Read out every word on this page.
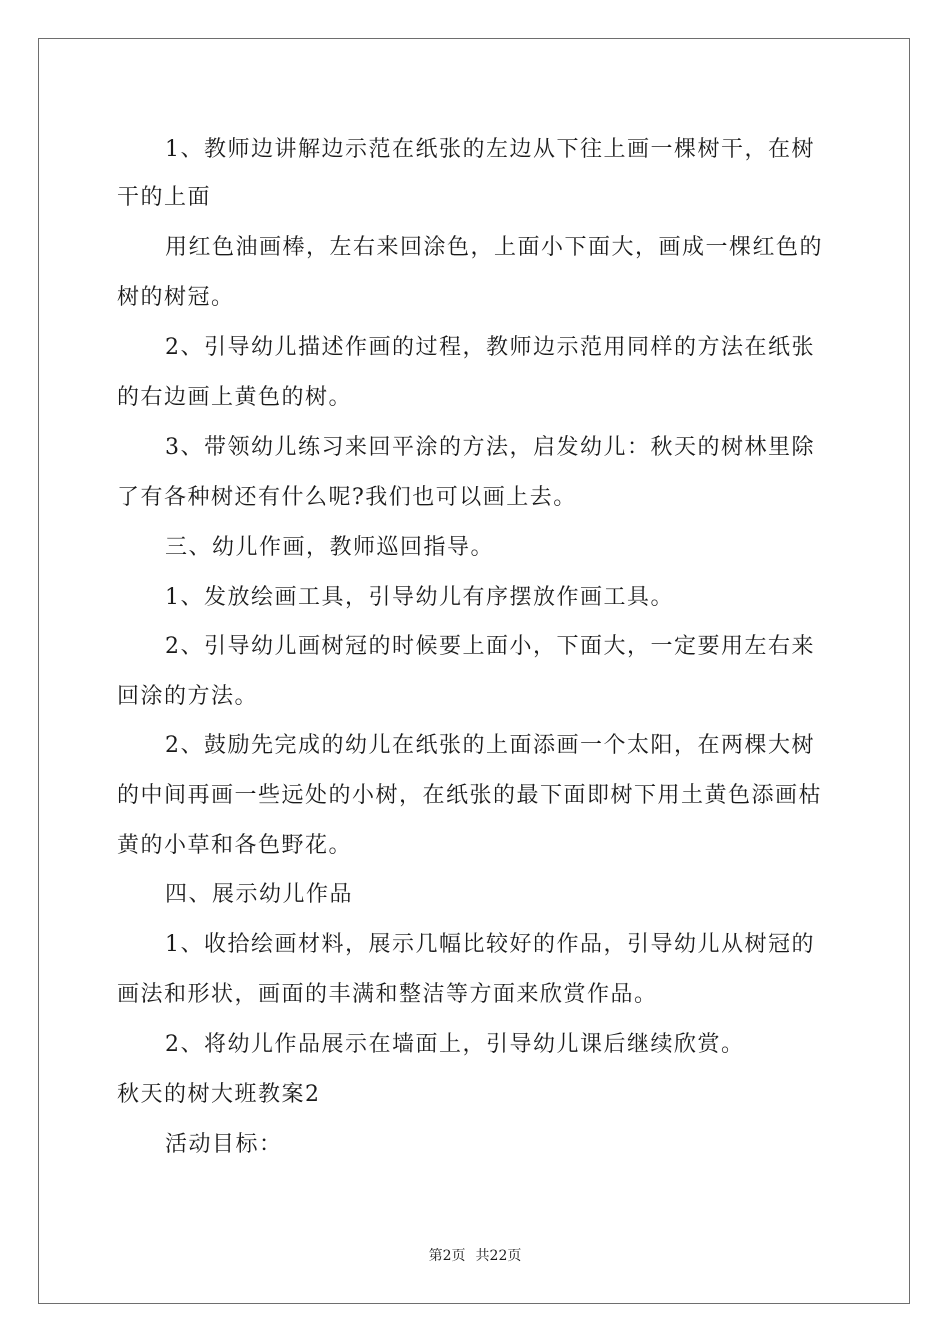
1、教师边讲解边示范在纸张的左边从下往上画一棵树干，在树
干的上面
用红色油画棒，左右来回涂色，上面小下面大，画成一棵红色的
树的树冠。
2、引导幼儿描述作画的过程，教师边示范用同样的方法在纸张
的右边画上黄色的树。
3、带领幼儿练习来回平涂的方法，启发幼儿：秋天的树林里除
了有各种树还有什么呢?我们也可以画上去。
三、幼儿作画，教师巡回指导。
1、发放绘画工具，引导幼儿有序摆放作画工具。
2、引导幼儿画树冠的时候要上面小，下面大，一定要用左右来
回涂的方法。
2、鼓励先完成的幼儿在纸张的上面添画一个太阳，在两棵大树
的中间再画一些远处的小树，在纸张的最下面即树下用土黄色添画枯
黄的小草和各色野花。
四、展示幼儿作品
1、收拾绘画材料，展示几幅比较好的作品，引导幼儿从树冠的
画法和形状，画面的丰满和整洁等方面来欣赏作品。
2、将幼儿作品展示在墙面上，引导幼儿课后继续欣赏。
秋天的树大班教案2
活动目标：
第2页 共22页
